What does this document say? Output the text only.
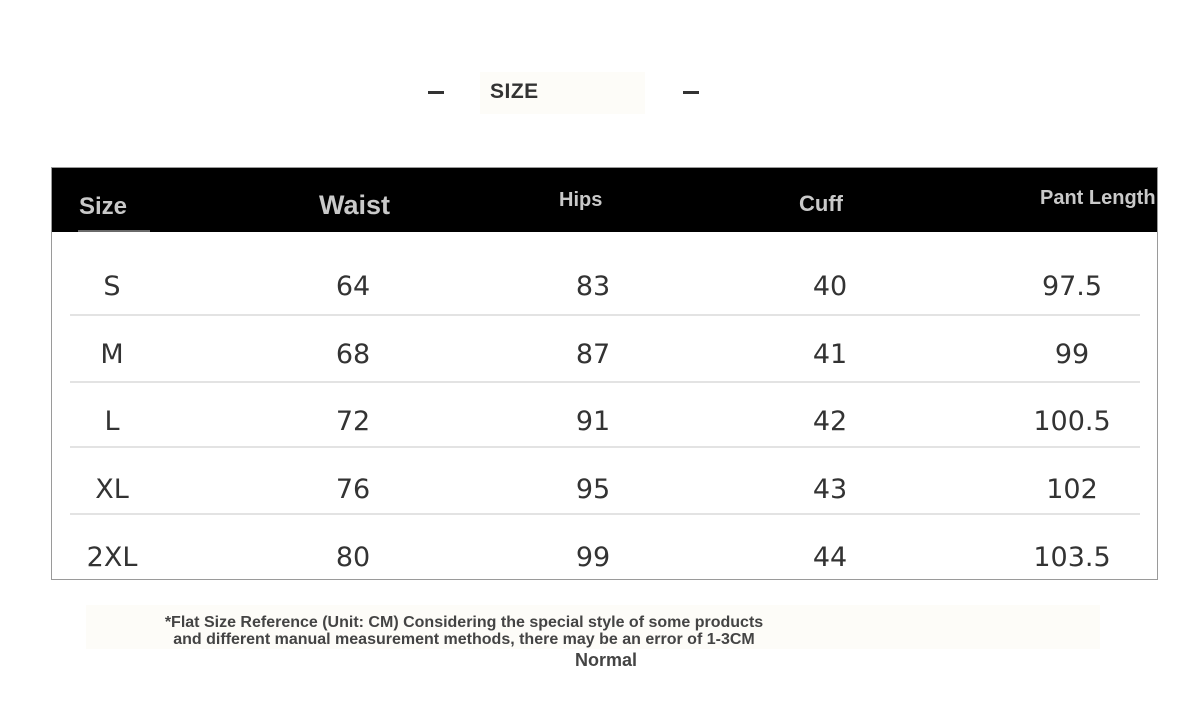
SIZE
Size	Waist	Hips	Cuff	Pant Length
S	64	83	40	97.5
M	68	87	41	99
L	72	91	42	100.5
XL	76	95	43	102
2XL	80	99	44	103.5
*Flat Size Reference (Unit: CM) Considering the special style of some products
and different manual measurement methods, there may be an error of 1-3CM
Normal
